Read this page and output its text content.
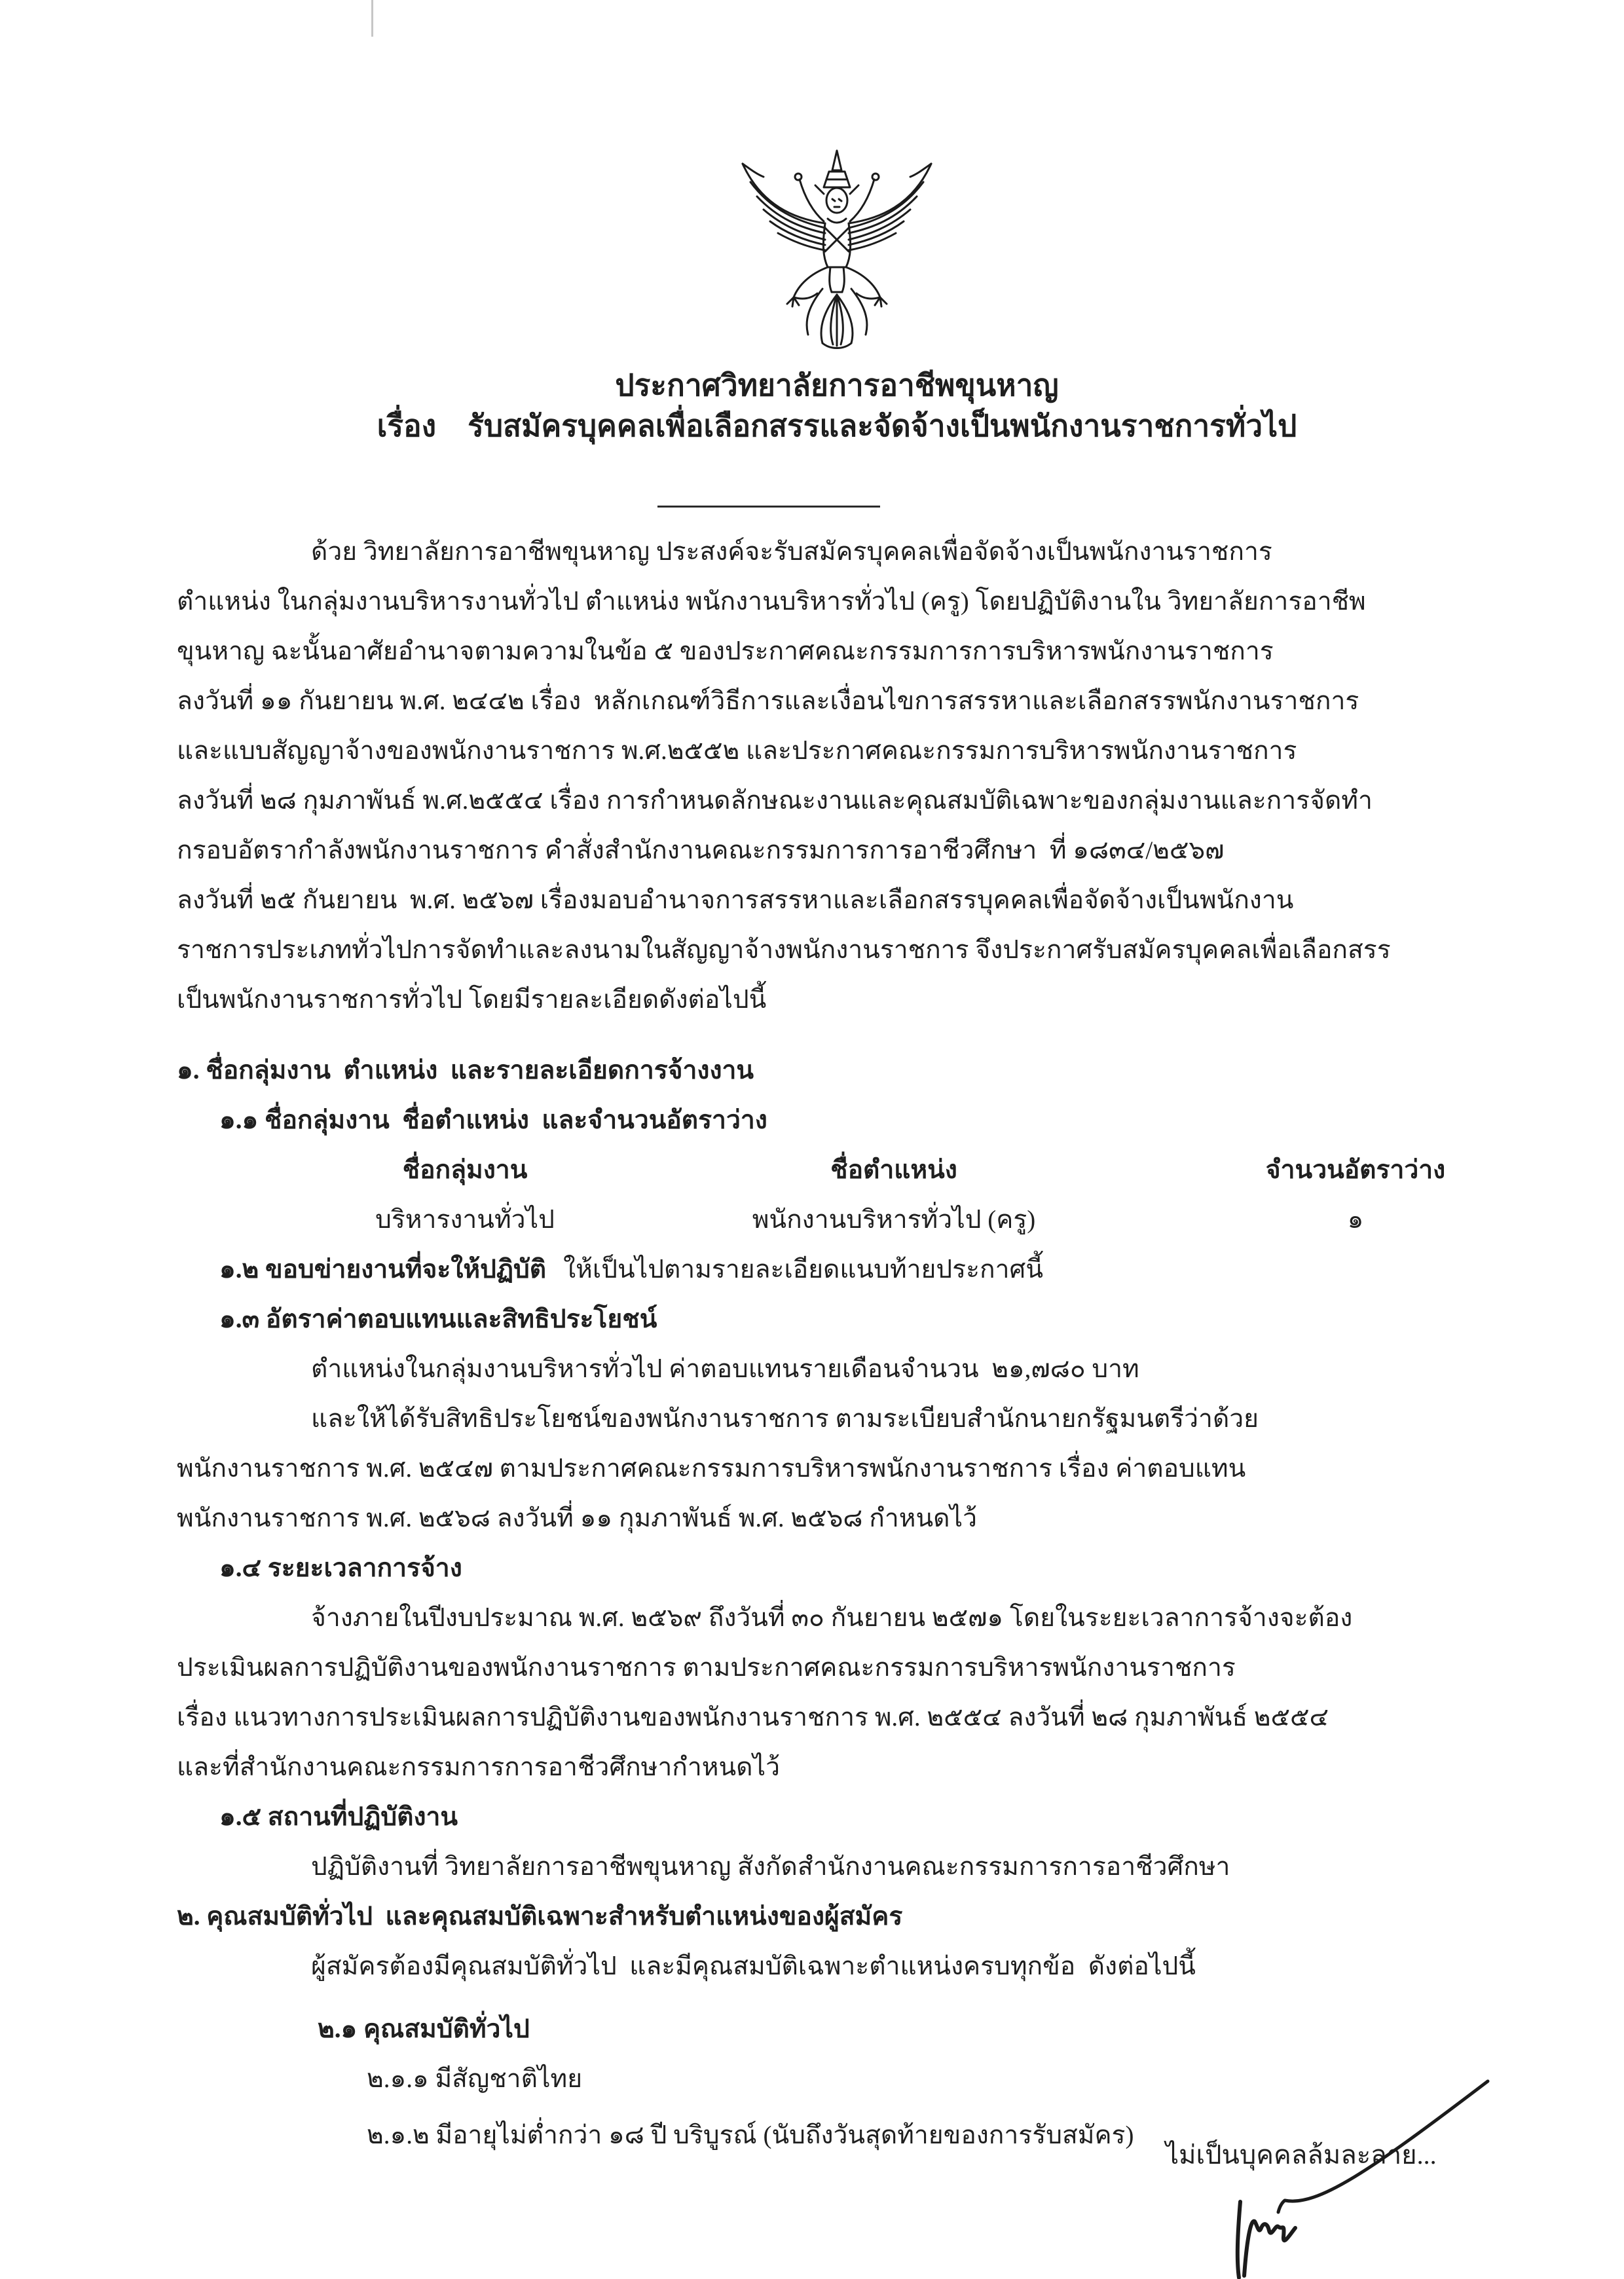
ประกาศวิทยาลัยการอาชีพขุนหาญ
เรื่อง รับสมัครบุคคลเพื่อเลือกสรรและจัดจ้างเป็นพนักงานราชการทั่วไป
ด้วย วิทยาลัยการอาชีพขุนหาญ ประสงค์จะรับสมัครบุคคลเพื่อจัดจ้างเป็นพนักงานราชการ
ตำแหน่ง ในกลุ่มงานบริหารงานทั่วไป ตำแหน่ง พนักงานบริหารทั่วไป (ครู) โดยปฏิบัติงานใน วิทยาลัยการอาชีพ
ขุนหาญ ฉะนั้นอาศัยอำนาจตามความในข้อ ๕ ของประกาศคณะกรรมการการบริหารพนักงานราชการ
ลงวันที่ ๑๑ กันยายน พ.ศ. ๒๔๔๒ เรื่อง  หลักเกณฑ์วิธีการและเงื่อนไขการสรรหาและเลือกสรรพนักงานราชการ
และแบบสัญญาจ้างของพนักงานราชการ พ.ศ.๒๕๕๒ และประกาศคณะกรรมการบริหารพนักงานราชการ
ลงวันที่ ๒๘ กุมภาพันธ์ พ.ศ.๒๕๕๔ เรื่อง การกำหนดลักษณะงานและคุณสมบัติเฉพาะของกลุ่มงานและการจัดทำ
กรอบอัตรากำลังพนักงานราชการ คำสั่งสำนักงานคณะกรรมการการอาชีวศึกษา  ที่ ๑๘๓๔/๒๕๖๗
ลงวันที่ ๒๕ กันยายน  พ.ศ. ๒๕๖๗ เรื่องมอบอำนาจการสรรหาและเลือกสรรบุคคลเพื่อจัดจ้างเป็นพนักงาน
ราชการประเภททั่วไปการจัดทำและลงนามในสัญญาจ้างพนักงานราชการ จึงประกาศรับสมัครบุคคลเพื่อเลือกสรร
เป็นพนักงานราชการทั่วไป โดยมีรายละเอียดดังต่อไปนี้
๑. ชื่อกลุ่มงาน  ตำแหน่ง  และรายละเอียดการจ้างงาน
๑.๑ ชื่อกลุ่มงาน  ชื่อตำแหน่ง  และจำนวนอัตราว่าง
ชื่อกลุ่มงาน	ชื่อตำแหน่ง	จำนวนอัตราว่าง
บริหารงานทั่วไป	พนักงานบริหารทั่วไป (ครู)	๑
๑.๒ ขอบข่ายงานที่จะให้ปฏิบัติ ให้เป็นไปตามรายละเอียดแนบท้ายประกาศนี้
๑.๓ อัตราค่าตอบแทนและสิทธิประโยชน์
ตำแหน่งในกลุ่มงานบริหารทั่วไป ค่าตอบแทนรายเดือนจำนวน  ๒๑,๗๘๐ บาท
และให้ได้รับสิทธิประโยชน์ของพนักงานราชการ ตามระเบียบสำนักนายกรัฐมนตรีว่าด้วย
พนักงานราชการ พ.ศ. ๒๕๔๗ ตามประกาศคณะกรรมการบริหารพนักงานราชการ เรื่อง ค่าตอบแทน
พนักงานราชการ พ.ศ. ๒๕๖๘ ลงวันที่ ๑๑ กุมภาพันธ์ พ.ศ. ๒๕๖๘ กำหนดไว้
๑.๔ ระยะเวลาการจ้าง
จ้างภายในปีงบประมาณ พ.ศ. ๒๕๖๙ ถึงวันที่ ๓๐ กันยายน ๒๕๗๑ โดยในระยะเวลาการจ้างจะต้อง
ประเมินผลการปฏิบัติงานของพนักงานราชการ ตามประกาศคณะกรรมการบริหารพนักงานราชการ
เรื่อง แนวทางการประเมินผลการปฏิบัติงานของพนักงานราชการ พ.ศ. ๒๕๕๔ ลงวันที่ ๒๘ กุมภาพันธ์ ๒๕๕๔
และที่สำนักงานคณะกรรมการการอาชีวศึกษากำหนดไว้
๑.๕ สถานที่ปฏิบัติงาน
ปฏิบัติงานที่ วิทยาลัยการอาชีพขุนหาญ สังกัดสำนักงานคณะกรรมการการอาชีวศึกษา
๒. คุณสมบัติทั่วไป  และคุณสมบัติเฉพาะสำหรับตำแหน่งของผู้สมัคร
ผู้สมัครต้องมีคุณสมบัติทั่วไป  และมีคุณสมบัติเฉพาะตำแหน่งครบทุกข้อ  ดังต่อไปนี้
๒.๑ คุณสมบัติทั่วไป
๒.๑.๑ มีสัญชาติไทย
๒.๑.๒ มีอายุไม่ต่ำกว่า ๑๘ ปี บริบูรณ์ (นับถึงวันสุดท้ายของการรับสมัคร)
ไม่เป็นบุคคลล้มละลาย...
